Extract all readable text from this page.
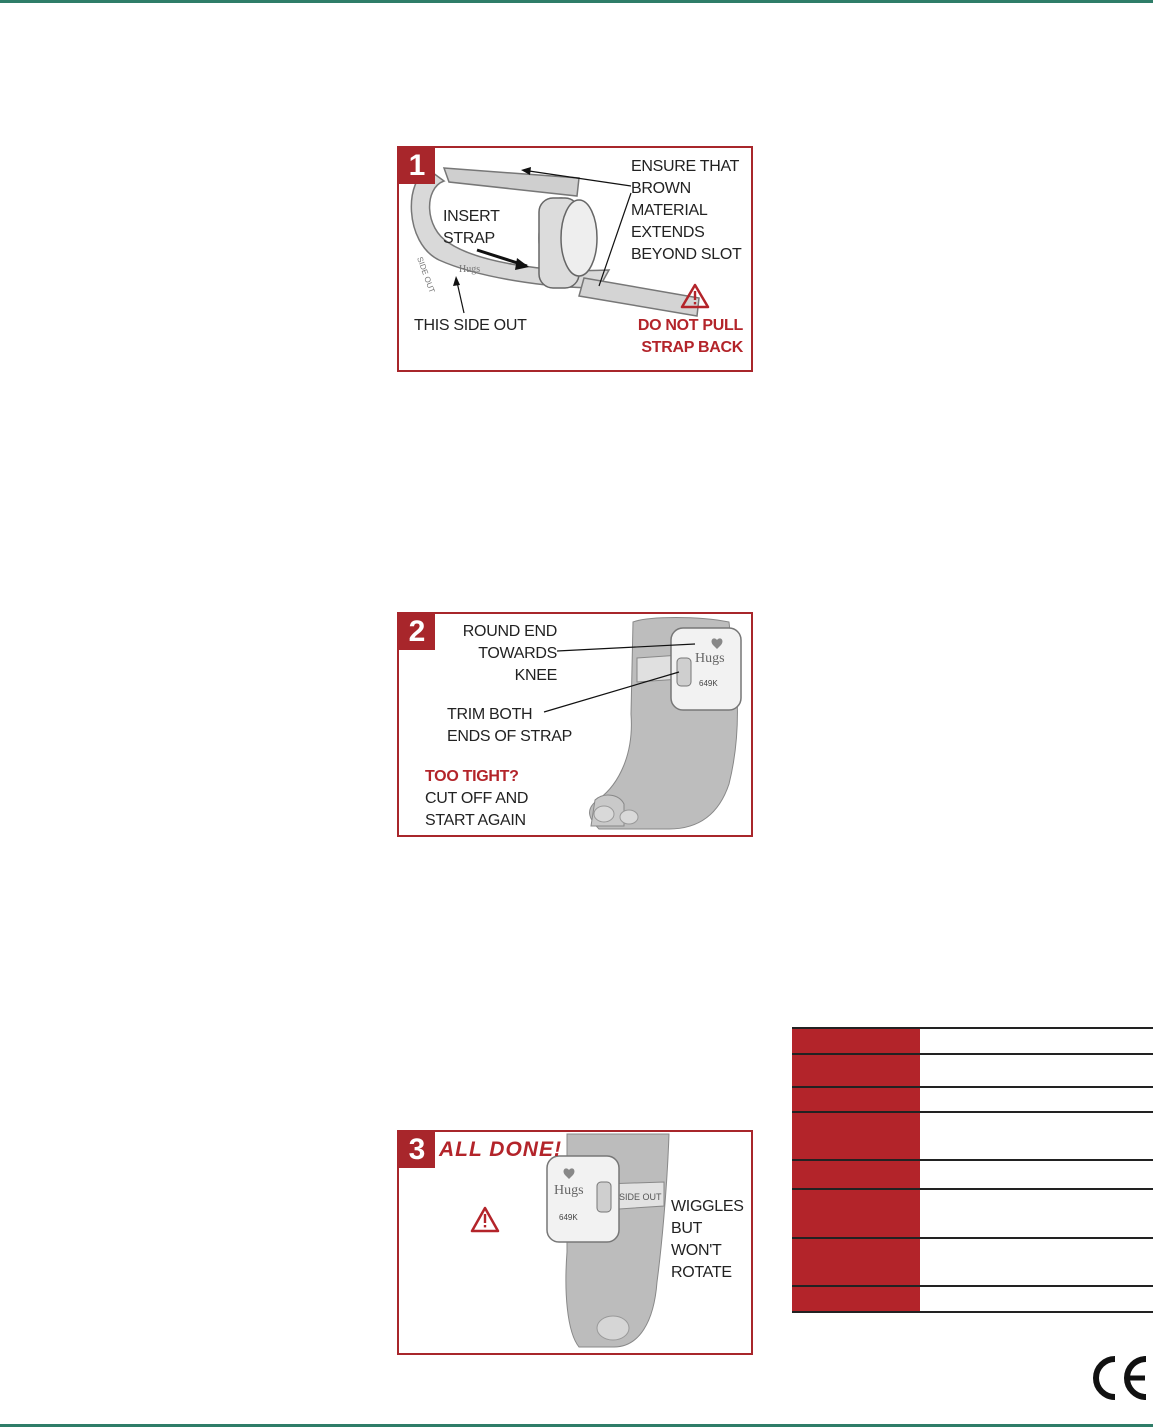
Hugs
SIDE OUT
1
INSERT
STRAP
ENSURE THAT
BROWN
MATERIAL
EXTENDS
BEYOND SLOT
THIS SIDE OUT	DO NOT PULL
STRAP BACK
Hugs
649K
2	ROUND END
TOWARDS
KNEE
TRIM BOTH
ENDS OF STRAP
TOO TIGHT?
CUT OFF AND
START AGAIN
SIDE OUT
Hugs
649K
3 ALL DONE!
WIGGLES
BUT WON'T
ROTATE
